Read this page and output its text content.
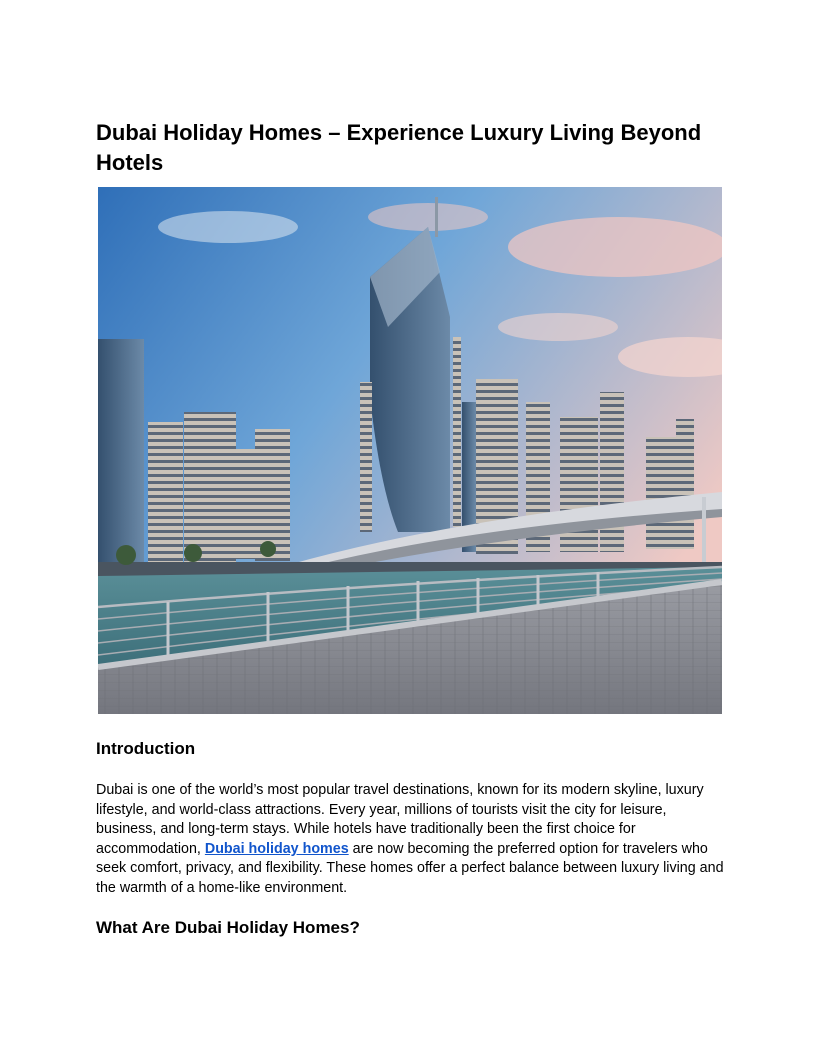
Dubai Holiday Homes – Experience Luxury Living Beyond Hotels
Introduction

Dubai is one of the world’s most popular travel destinations, known for its modern skyline, luxury lifestyle, and world-class attractions. Every year, millions of tourists visit the city for leisure, business, and long-term stays. While hotels have traditionally been the first choice for accommodation, Dubai holiday homes are now becoming the preferred option for travelers who seek comfort, privacy, and flexibility. These homes offer a perfect balance between luxury living and the warmth of a home-like environment.

What Are Dubai Holiday Homes?
